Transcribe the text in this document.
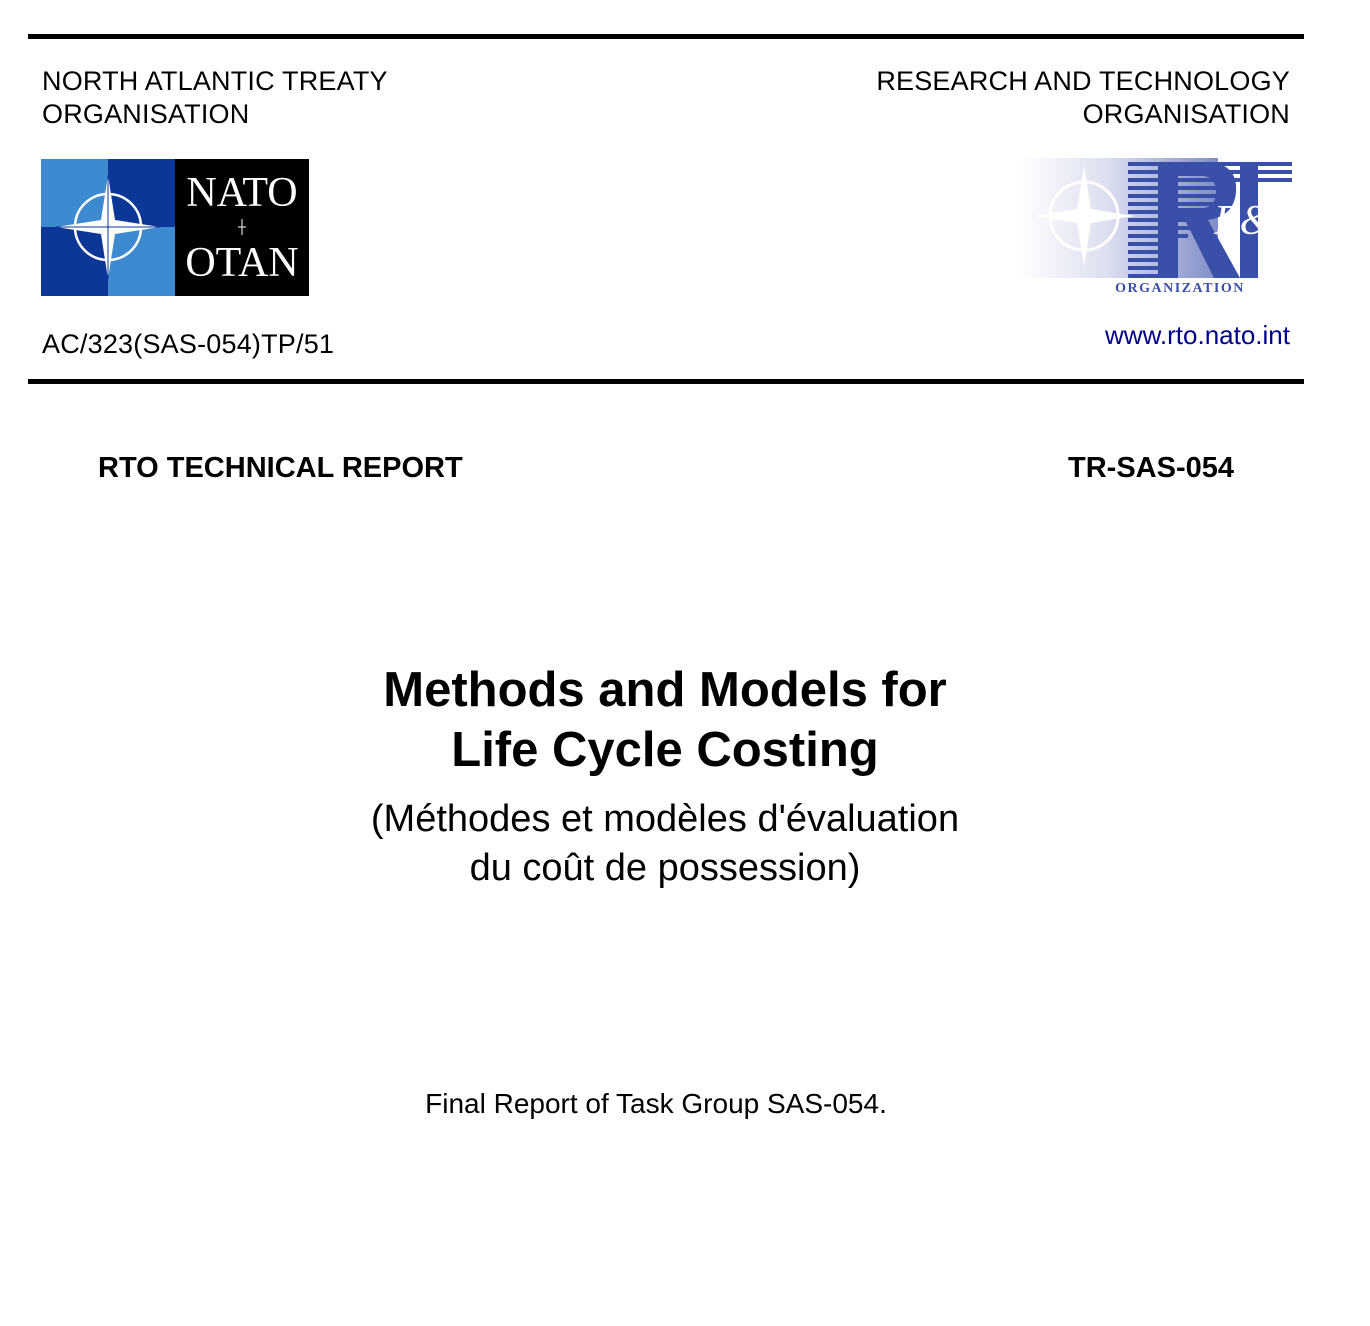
NORTH ATLANTIC TREATY
ORGANISATION
RESEARCH AND TECHNOLOGY
ORGANISATION
NATO
OTAN
R&T
ORGANIZATION
AC/323(SAS-054)TP/51	www.rto.nato.int
RTO TECHNICAL REPORT	TR-SAS-054
Methods and Models for
Life Cycle Costing
(Méthodes et modèles d'évaluation
du coût de possession)
Final Report of Task Group SAS-054.
